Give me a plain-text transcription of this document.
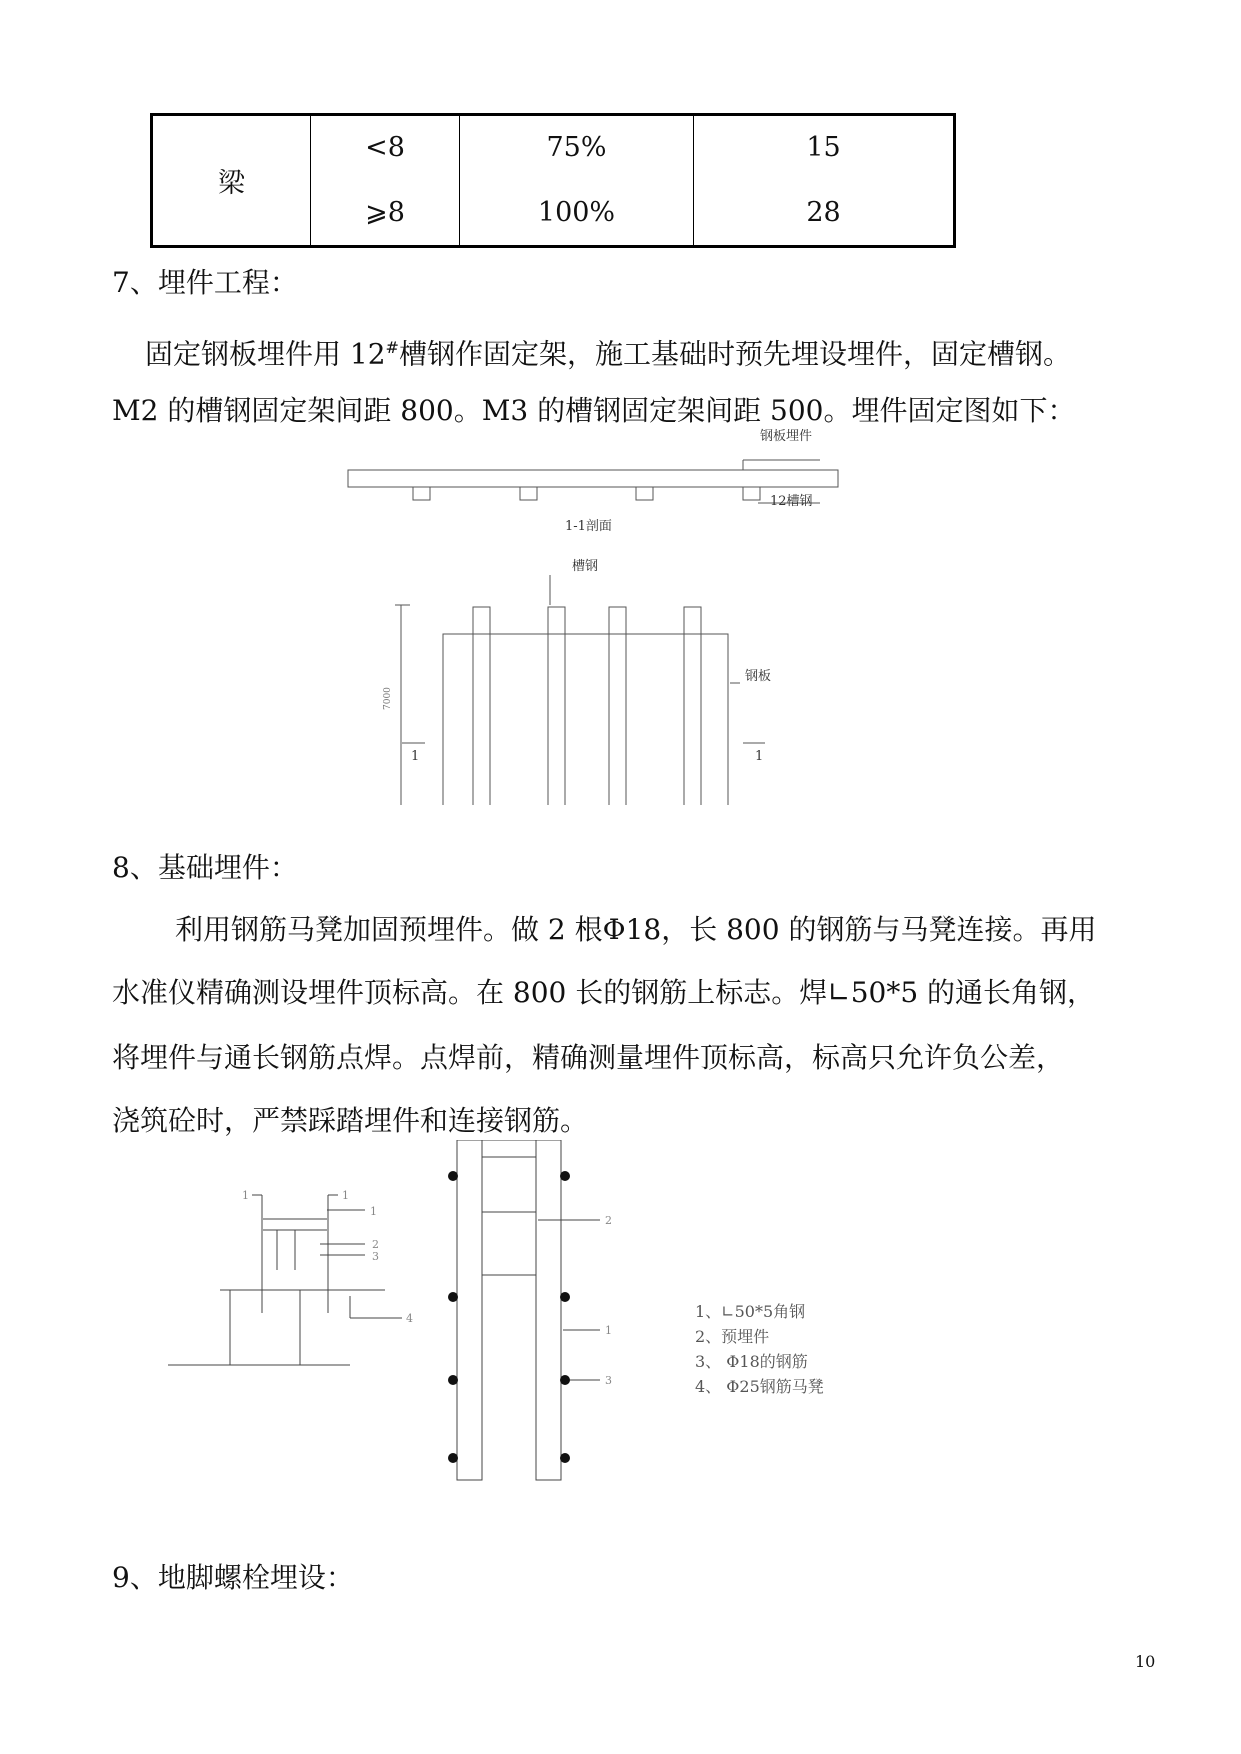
梁	<8	75%	15
	⩾8	100%	28
7、埋件工程：
固定钢板埋件用 12#槽钢作固定架，施工基础时预先埋设埋件，固定槽钢。
M2 的槽钢固定架间距 800。M3 的槽钢固定架间距 500。埋件固定图如下：
钢板埋件
12槽钢
1-1剖面
槽钢
钢板
7000
1	1
8、基础埋件：
利用钢筋马凳加固预埋件。做 2 根Φ18，长 800 的钢筋与马凳连接。再用
水准仪精确测设埋件顶标高。在 800 长的钢筋上标志。焊∟50*5 的通长角钢，
将埋件与通长钢筋点焊。点焊前，精确测量埋件顶标高，标高只允许负公差，
浇筑砼时，严禁踩踏埋件和连接钢筋。
1	1
1
2
3
4
2
1
3
1、∟50*5角钢
2、预埋件
3、 Φ18的钢筋
4、 Φ25钢筋马凳
9、地脚螺栓埋设：
10
